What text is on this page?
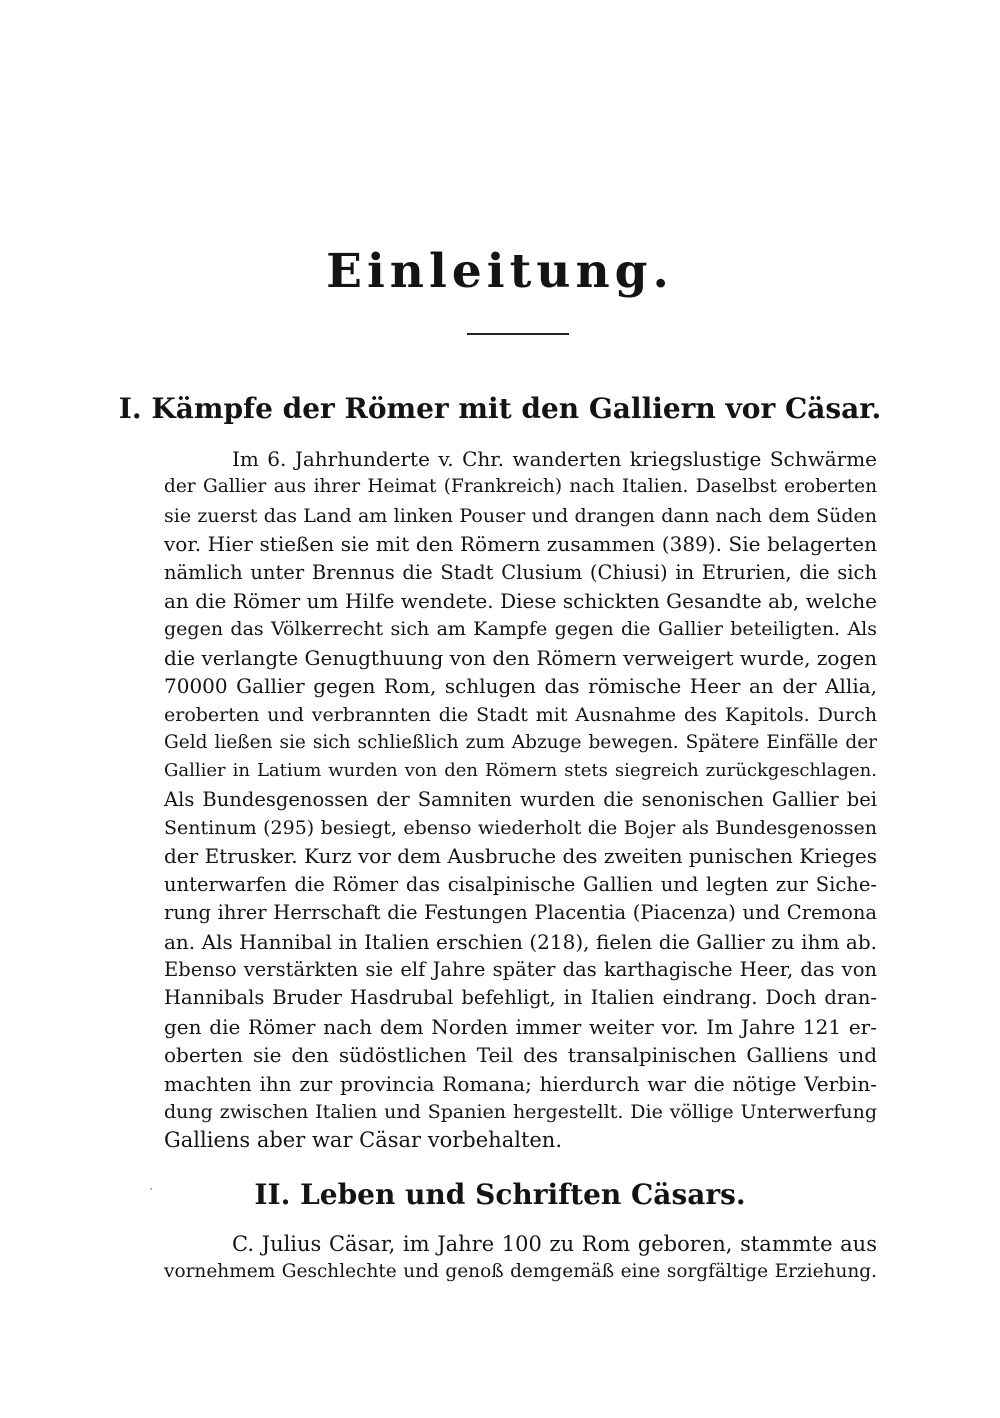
Einleitung.
I. Kämpfe der Römer mit den Galliern vor Cäsar.
Im 6. Jahrhunderte v. Chr. wanderten kriegslustige Schwärme
der Gallier aus ihrer Heimat (Frankreich) nach Italien. Daselbst eroberten
sie zuerst das Land am linken Pouser und drangen dann nach dem Süden
vor. Hier stießen sie mit den Römern zusammen (389). Sie belagerten
nämlich unter Brennus die Stadt Clusium (Chiusi) in Etrurien, die sich
an die Römer um Hilfe wendete. Diese schickten Gesandte ab, welche
gegen das Völkerrecht sich am Kampfe gegen die Gallier beteiligten. Als
die verlangte Genugthuung von den Römern verweigert wurde, zogen
70000 Gallier gegen Rom, schlugen das römische Heer an der Allia,
eroberten und verbrannten die Stadt mit Ausnahme des Kapitols. Durch
Geld ließen sie sich schließlich zum Abzuge bewegen. Spätere Einfälle der
Gallier in Latium wurden von den Römern stets siegreich zurückgeschlagen.
Als Bundesgenossen der Samniten wurden die senonischen Gallier bei
Sentinum (295) besiegt, ebenso wiederholt die Bojer als Bundesgenossen
der Etrusker. Kurz vor dem Ausbruche des zweiten punischen Krieges
unterwarfen die Römer das cisalpinische Gallien und legten zur Siche-
rung ihrer Herrschaft die Festungen Placentia (Piacenza) und Cremona
an. Als Hannibal in Italien erschien (218), fielen die Gallier zu ihm ab.
Ebenso verstärkten sie elf Jahre später das karthagische Heer, das von
Hannibals Bruder Hasdrubal befehligt, in Italien eindrang. Doch dran-
gen die Römer nach dem Norden immer weiter vor. Im Jahre 121 er-
oberten sie den südöstlichen Teil des transalpinischen Galliens und
machten ihn zur provincia Romana; hierdurch war die nötige Verbin-
dung zwischen Italien und Spanien hergestellt. Die völlige Unterwerfung
Galliens aber war Cäsar vorbehalten.
II. Leben und Schriften Cäsars.
C. Julius Cäsar, im Jahre 100 zu Rom geboren, stammte aus
vornehmem Geschlechte und genoß demgemäß eine sorgfältige Erziehung.
